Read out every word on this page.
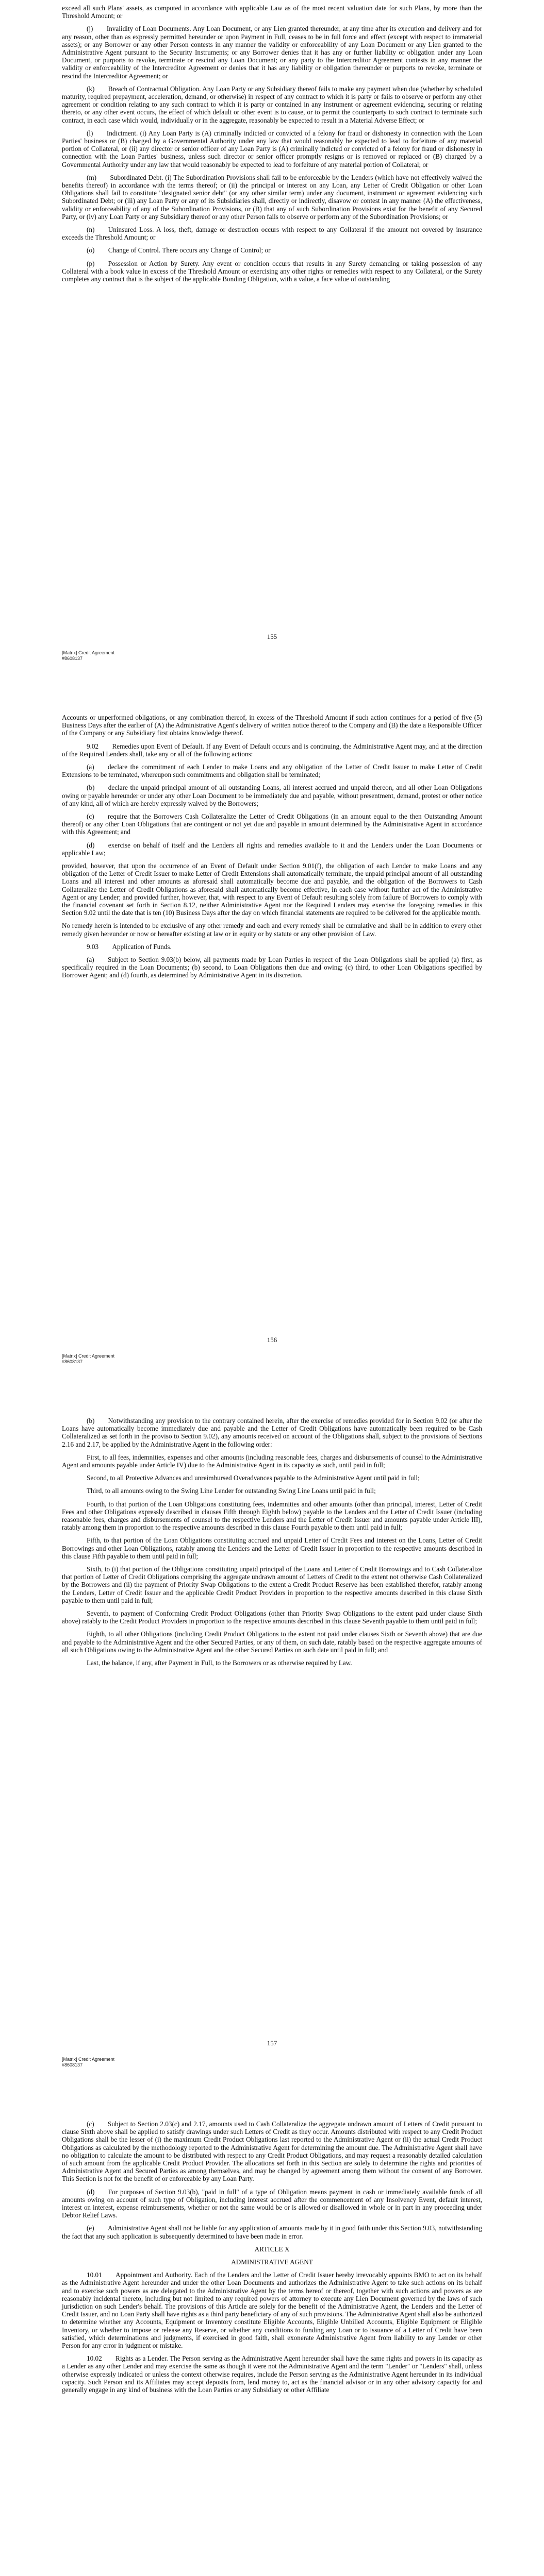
exceed all such Plans' assets, as computed in accordance with applicable Law as of the most recent valuation date for such Plans, by more than the Threshold Amount; or

(j)  Invalidity of Loan Documents. Any Loan Document, or any Lien granted thereunder, at any time after its execution and delivery and for any reason, other than as expressly permitted hereunder or upon Payment in Full, ceases to be in full force and effect (except with respect to immaterial assets); or any Borrower or any other Person contests in any manner the validity or enforceability of any Loan Document or any Lien granted to the Administrative Agent pursuant to the Security Instruments; or any Borrower denies that it has any or further liability or obligation under any Loan Document, or purports to revoke, terminate or rescind any Loan Document; or any party to the Intercreditor Agreement contests in any manner the validity or enforceability of the Intercreditor Agreement or denies that it has any liability or obligation thereunder or purports to revoke, terminate or rescind the Intercreditor Agreement; or

(k)  Breach of Contractual Obligation. Any Loan Party or any Subsidiary thereof fails to make any payment when due (whether by scheduled maturity, required prepayment, acceleration, demand, or otherwise) in respect of any contract to which it is party or fails to observe or perform any other agreement or condition relating to any such contract to which it is party or contained in any instrument or agreement evidencing, securing or relating thereto, or any other event occurs, the effect of which default or other event is to cause, or to permit the counterparty to such contract to terminate such contract, in each case which would, individually or in the aggregate, reasonably be expected to result in a Material Adverse Effect; or

(l)  Indictment. (i) Any Loan Party is (A) criminally indicted or convicted of a felony for fraud or dishonesty in connection with the Loan Parties' business or (B) charged by a Governmental Authority under any law that would reasonably be expected to lead to forfeiture of any material portion of Collateral, or (ii) any director or senior officer of any Loan Party is (A) criminally indicted or convicted of a felony for fraud or dishonesty in connection with the Loan Parties' business, unless such director or senior officer promptly resigns or is removed or replaced or (B) charged by a Governmental Authority under any law that would reasonably be expected to lead to forfeiture of any material portion of Collateral; or

(m)  Subordinated Debt. (i) The Subordination Provisions shall fail to be enforceable by the Lenders (which have not effectively waived the benefits thereof) in accordance with the terms thereof; or (ii) the principal or interest on any Loan, any Letter of Credit Obligation or other Loan Obligations shall fail to constitute "designated senior debt" (or any other similar term) under any document, instrument or agreement evidencing such Subordinated Debt; or (iii) any Loan Party or any of its Subsidiaries shall, directly or indirectly, disavow or contest in any manner (A) the effectiveness, validity or enforceability of any of the Subordination Provisions, or (B) that any of such Subordination Provisions exist for the benefit of any Secured Party, or (iv) any Loan Party or any Subsidiary thereof or any other Person fails to observe or perform any of the Subordination Provisions; or

(n)  Uninsured Loss. A loss, theft, damage or destruction occurs with respect to any Collateral if the amount not covered by insurance exceeds the Threshold Amount; or

(o)  Change of Control. There occurs any Change of Control; or

(p)  Possession or Action by Surety. Any event or condition occurs that results in any Surety demanding or taking possession of any Collateral with a book value in excess of the Threshold Amount or exercising any other rights or remedies with respect to any Collateral, or the Surety completes any contract that is the subject of the applicable Bonding Obligation, with a value, a face value of outstanding

155
[Matrix] Credit Agreement
#8608137

Accounts or unperformed obligations, or any combination thereof, in excess of the Threshold Amount if such action continues for a period of five (5) Business Days after the earlier of (A) the Administrative Agent's delivery of written notice thereof to the Company and (B) the date a Responsible Officer of the Company or any Subsidiary first obtains knowledge thereof.

9.02  Remedies upon Event of Default. If any Event of Default occurs and is continuing, the Administrative Agent may, and at the direction of the Required Lenders shall, take any or all of the following actions:

(a)  declare the commitment of each Lender to make Loans and any obligation of the Letter of Credit Issuer to make Letter of Credit Extensions to be terminated, whereupon such commitments and obligation shall be terminated;

(b)  declare the unpaid principal amount of all outstanding Loans, all interest accrued and unpaid thereon, and all other Loan Obligations owing or payable hereunder or under any other Loan Document to be immediately due and payable, without presentment, demand, protest or other notice of any kind, all of which are hereby expressly waived by the Borrowers;

(c)  require that the Borrowers Cash Collateralize the Letter of Credit Obligations (in an amount equal to the then Outstanding Amount thereof) or any other Loan Obligations that are contingent or not yet due and payable in amount determined by the Administrative Agent in accordance with this Agreement; and

(d)  exercise on behalf of itself and the Lenders all rights and remedies available to it and the Lenders under the Loan Documents or applicable Law;

provided, however, that upon the occurrence of an Event of Default under Section 9.01(f), the obligation of each Lender to make Loans and any obligation of the Letter of Credit Issuer to make Letter of Credit Extensions shall automatically terminate, the unpaid principal amount of all outstanding Loans and all interest and other amounts as aforesaid shall automatically become due and payable, and the obligation of the Borrowers to Cash Collateralize the Letter of Credit Obligations as aforesaid shall automatically become effective, in each case without further act of the Administrative Agent or any Lender; and provided further, however, that, with respect to any Event of Default resulting solely from failure of Borrowers to comply with the financial covenant set forth in Section 8.12, neither Administrative Agent nor the Required Lenders may exercise the foregoing remedies in this Section 9.02 until the date that is ten (10) Business Days after the day on which financial statements are required to be delivered for the applicable month.

No remedy herein is intended to be exclusive of any other remedy and each and every remedy shall be cumulative and shall be in addition to every other remedy given hereunder or now or hereafter existing at law or in equity or by statute or any other provision of Law.

9.03  Application of Funds.

(a)  Subject to Section 9.03(b) below, all payments made by Loan Parties in respect of the Loan Obligations shall be applied (a) first, as specifically required in the Loan Documents; (b) second, to Loan Obligations then due and owing; (c) third, to other Loan Obligations specified by Borrower Agent; and (d) fourth, as determined by Administrative Agent in its discretion.

156
[Matrix] Credit Agreement
#8608137

(b)  Notwithstanding any provision to the contrary contained herein, after the exercise of remedies provided for in Section 9.02 (or after the Loans have automatically become immediately due and payable and the Letter of Credit Obligations have automatically been required to be Cash Collateralized as set forth in the proviso to Section 9.02), any amounts received on account of the Obligations shall, subject to the provisions of Sections 2.16 and 2.17, be applied by the Administrative Agent in the following order:

First, to all fees, indemnities, expenses and other amounts (including reasonable fees, charges and disbursements of counsel to the Administrative Agent and amounts payable under Article IV) due to the Administrative Agent in its capacity as such, until paid in full;

Second, to all Protective Advances and unreimbursed Overadvances payable to the Administrative Agent until paid in full;

Third, to all amounts owing to the Swing Line Lender for outstanding Swing Line Loans until paid in full;

Fourth, to that portion of the Loan Obligations constituting fees, indemnities and other amounts (other than principal, interest, Letter of Credit Fees and other Obligations expressly described in clauses Fifth through Eighth below) payable to the Lenders and the Letter of Credit Issuer (including reasonable fees, charges and disbursements of counsel to the respective Lenders and the Letter of Credit Issuer and amounts payable under Article III), ratably among them in proportion to the respective amounts described in this clause Fourth payable to them until paid in full;

Fifth, to that portion of the Loan Obligations constituting accrued and unpaid Letter of Credit Fees and interest on the Loans, Letter of Credit Borrowings and other Loan Obligations, ratably among the Lenders and the Letter of Credit Issuer in proportion to the respective amounts described in this clause Fifth payable to them until paid in full;

Sixth, to (i) that portion of the Obligations constituting unpaid principal of the Loans and Letter of Credit Borrowings and to Cash Collateralize that portion of Letter of Credit Obligations comprising the aggregate undrawn amount of Letters of Credit to the extent not otherwise Cash Collateralized by the Borrowers and (ii) the payment of Priority Swap Obligations to the extent a Credit Product Reserve has been established therefor, ratably among the Lenders, Letter of Credit Issuer and the applicable Credit Product Providers in proportion to the respective amounts described in this clause Sixth payable to them until paid in full;

Seventh, to payment of Conforming Credit Product Obligations (other than Priority Swap Obligations to the extent paid under clause Sixth above) ratably to the Credit Product Providers in proportion to the respective amounts described in this clause Seventh payable to them until paid in full;

Eighth, to all other Obligations (including Credit Product Obligations to the extent not paid under clauses Sixth or Seventh above) that are due and payable to the Administrative Agent and the other Secured Parties, or any of them, on such date, ratably based on the respective aggregate amounts of all such Obligations owing to the Administrative Agent and the other Secured Parties on such date until paid in full; and

Last, the balance, if any, after Payment in Full, to the Borrowers or as otherwise required by Law.

157
[Matrix] Credit Agreement
#8608137

(c)  Subject to Section 2.03(c) and 2.17, amounts used to Cash Collateralize the aggregate undrawn amount of Letters of Credit pursuant to clause Sixth above shall be applied to satisfy drawings under such Letters of Credit as they occur. Amounts distributed with respect to any Credit Product Obligations shall be the lesser of (i) the maximum Credit Product Obligations last reported to the Administrative Agent or (ii) the actual Credit Product Obligations as calculated by the methodology reported to the Administrative Agent for determining the amount due. The Administrative Agent shall have no obligation to calculate the amount to be distributed with respect to any Credit Product Obligations, and may request a reasonably detailed calculation of such amount from the applicable Credit Product Provider. The allocations set forth in this Section are solely to determine the rights and priorities of Administrative Agent and Secured Parties as among themselves, and may be changed by agreement among them without the consent of any Borrower. This Section is not for the benefit of or enforceable by any Loan Party.

(d)  For purposes of Section 9.03(b), "paid in full" of a type of Obligation means payment in cash or immediately available funds of all amounts owing on account of such type of Obligation, including interest accrued after the commencement of any Insolvency Event, default interest, interest on interest, expense reimbursements, whether or not the same would be or is allowed or disallowed in whole or in part in any proceeding under Debtor Relief Laws.

(e)  Administrative Agent shall not be liable for any application of amounts made by it in good faith under this Section 9.03, notwithstanding the fact that any such application is subsequently determined to have been made in error.

ARTICLE X

ADMINISTRATIVE AGENT

10.01  Appointment and Authority. Each of the Lenders and the Letter of Credit Issuer hereby irrevocably appoints BMO to act on its behalf as the Administrative Agent hereunder and under the other Loan Documents and authorizes the Administrative Agent to take such actions on its behalf and to exercise such powers as are delegated to the Administrative Agent by the terms hereof or thereof, together with such actions and powers as are reasonably incidental thereto, including but not limited to any required powers of attorney to execute any Lien Document governed by the laws of such jurisdiction on such Lender's behalf. The provisions of this Article are solely for the benefit of the Administrative Agent, the Lenders and the Letter of Credit Issuer, and no Loan Party shall have rights as a third party beneficiary of any of such provisions. The Administrative Agent shall also be authorized to determine whether any Accounts, Equipment or Inventory constitute Eligible Accounts, Eligible Unbilled Accounts, Eligible Equipment or Eligible Inventory, or whether to impose or release any Reserve, or whether any conditions to funding any Loan or to issuance of a Letter of Credit have been satisfied, which determinations and judgments, if exercised in good faith, shall exonerate Administrative Agent from liability to any Lender or other Person for any error in judgment or mistake.

10.02  Rights as a Lender. The Person serving as the Administrative Agent hereunder shall have the same rights and powers in its capacity as a Lender as any other Lender and may exercise the same as though it were not the Administrative Agent and the term "Lender" or "Lenders" shall, unless otherwise expressly indicated or unless the context otherwise requires, include the Person serving as the Administrative Agent hereunder in its individual capacity. Such Person and its Affiliates may accept deposits from, lend money to, act as the financial advisor or in any other advisory capacity for and generally engage in any kind of business with the Loan Parties or any Subsidiary or other Affiliate
